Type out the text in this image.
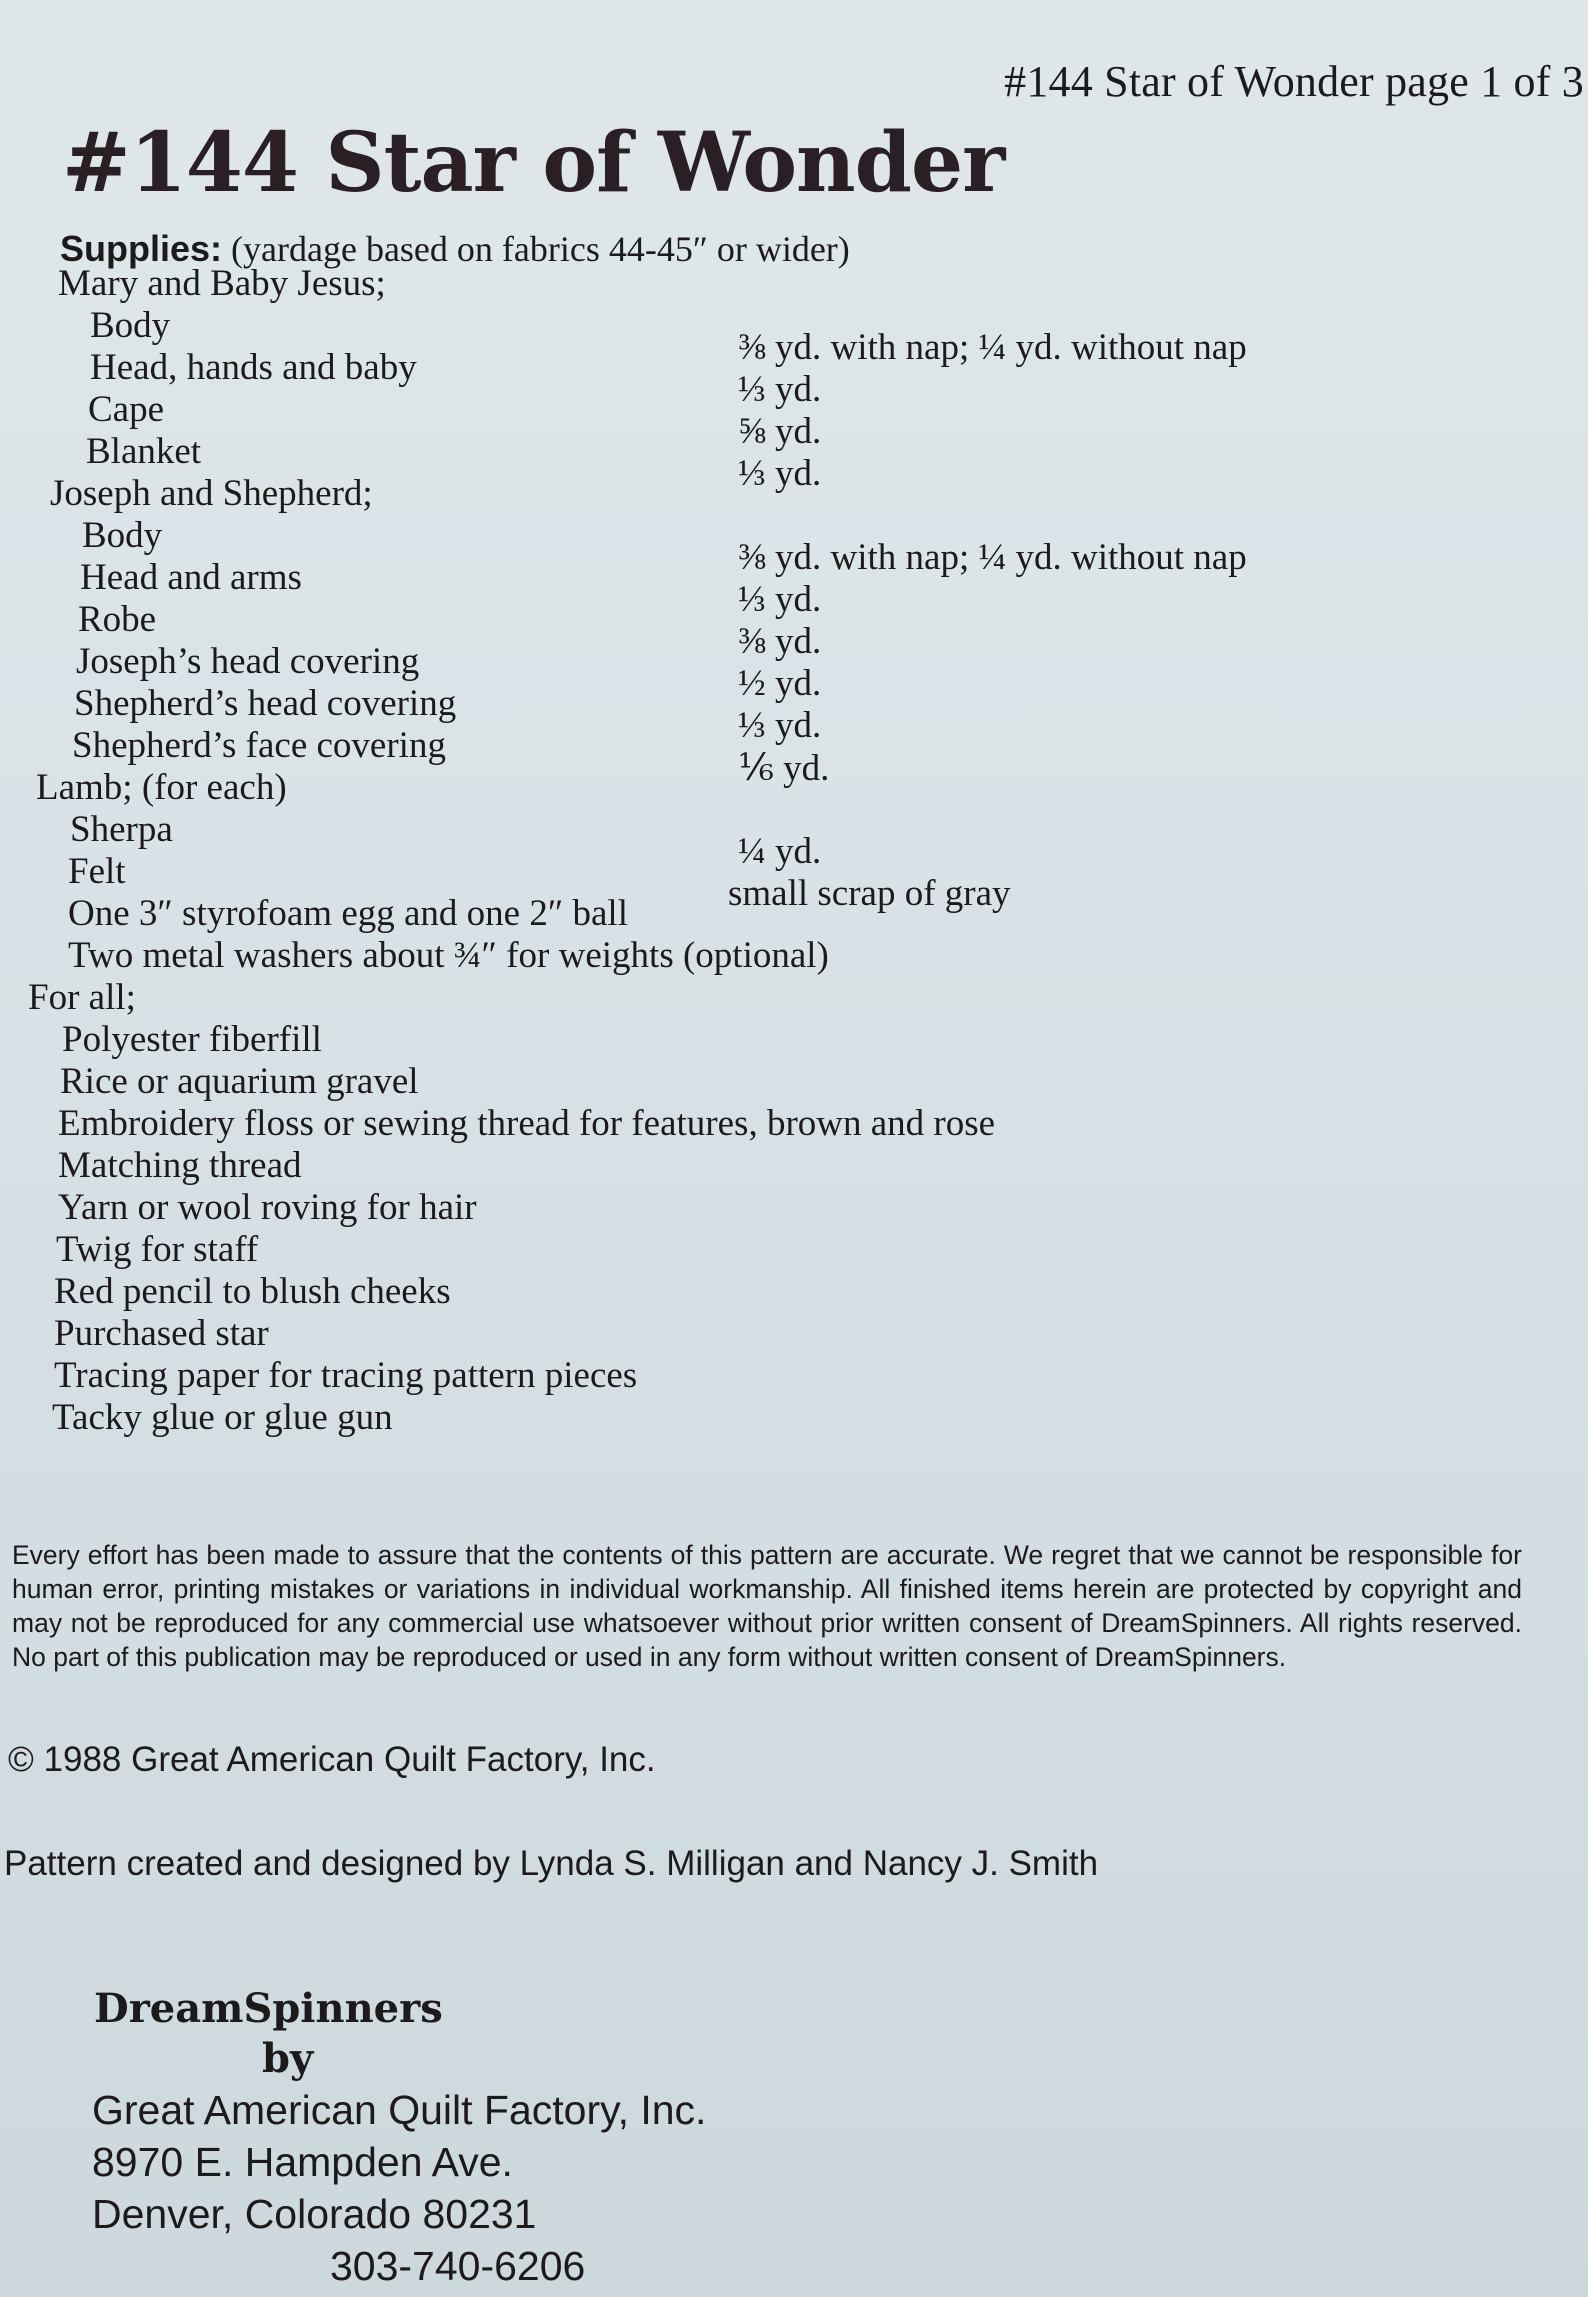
#144 Star of Wonder page 1 of 3
#144 Star of Wonder
Supplies: (yardage based on fabrics 44-45″ or wider)
Mary and Baby Jesus;
Body
⅜ yd. with nap; ¼ yd. without nap
Head, hands and baby
⅓ yd.
Cape
⅝ yd.
Blanket
⅓ yd.
Joseph and Shepherd;
Body
⅜ yd. with nap; ¼ yd. without nap
Head and arms
⅓ yd.
Robe
⅜ yd.
Joseph’s head covering
½ yd.
Shepherd’s head covering
⅓ yd.
Shepherd’s face covering
⅙ yd.
Lamb; (for each)
Sherpa
¼ yd.
Felt
small scrap of gray
One 3″ styrofoam egg and one 2″ ball
Two metal washers about ¾″ for weights (optional)
For all;
Polyester fiberfill
Rice or aquarium gravel
Embroidery floss or sewing thread for features, brown and rose
Matching thread
Yarn or wool roving for hair
Twig for staff
Red pencil to blush cheeks
Purchased star
Tracing paper for tracing pattern pieces
Tacky glue or glue gun

Every effort has been made to assure that the contents of this pattern are accurate. We regret that we cannot be responsible for human error, printing mistakes or variations in individual workmanship. All finished items herein are protected by copyright and may not be reproduced for any commercial use whatsoever without prior written consent of DreamSpinners. All rights reserved. No part of this publication may be reproduced or used in any form without written consent of DreamSpinners.

© 1988 Great American Quilt Factory, Inc.
Pattern created and designed by Lynda S. Milligan and Nancy J. Smith
DreamSpinners
by
Great American Quilt Factory, Inc.
8970 E. Hampden Ave.
Denver, Colorado 80231
303-740-6206
